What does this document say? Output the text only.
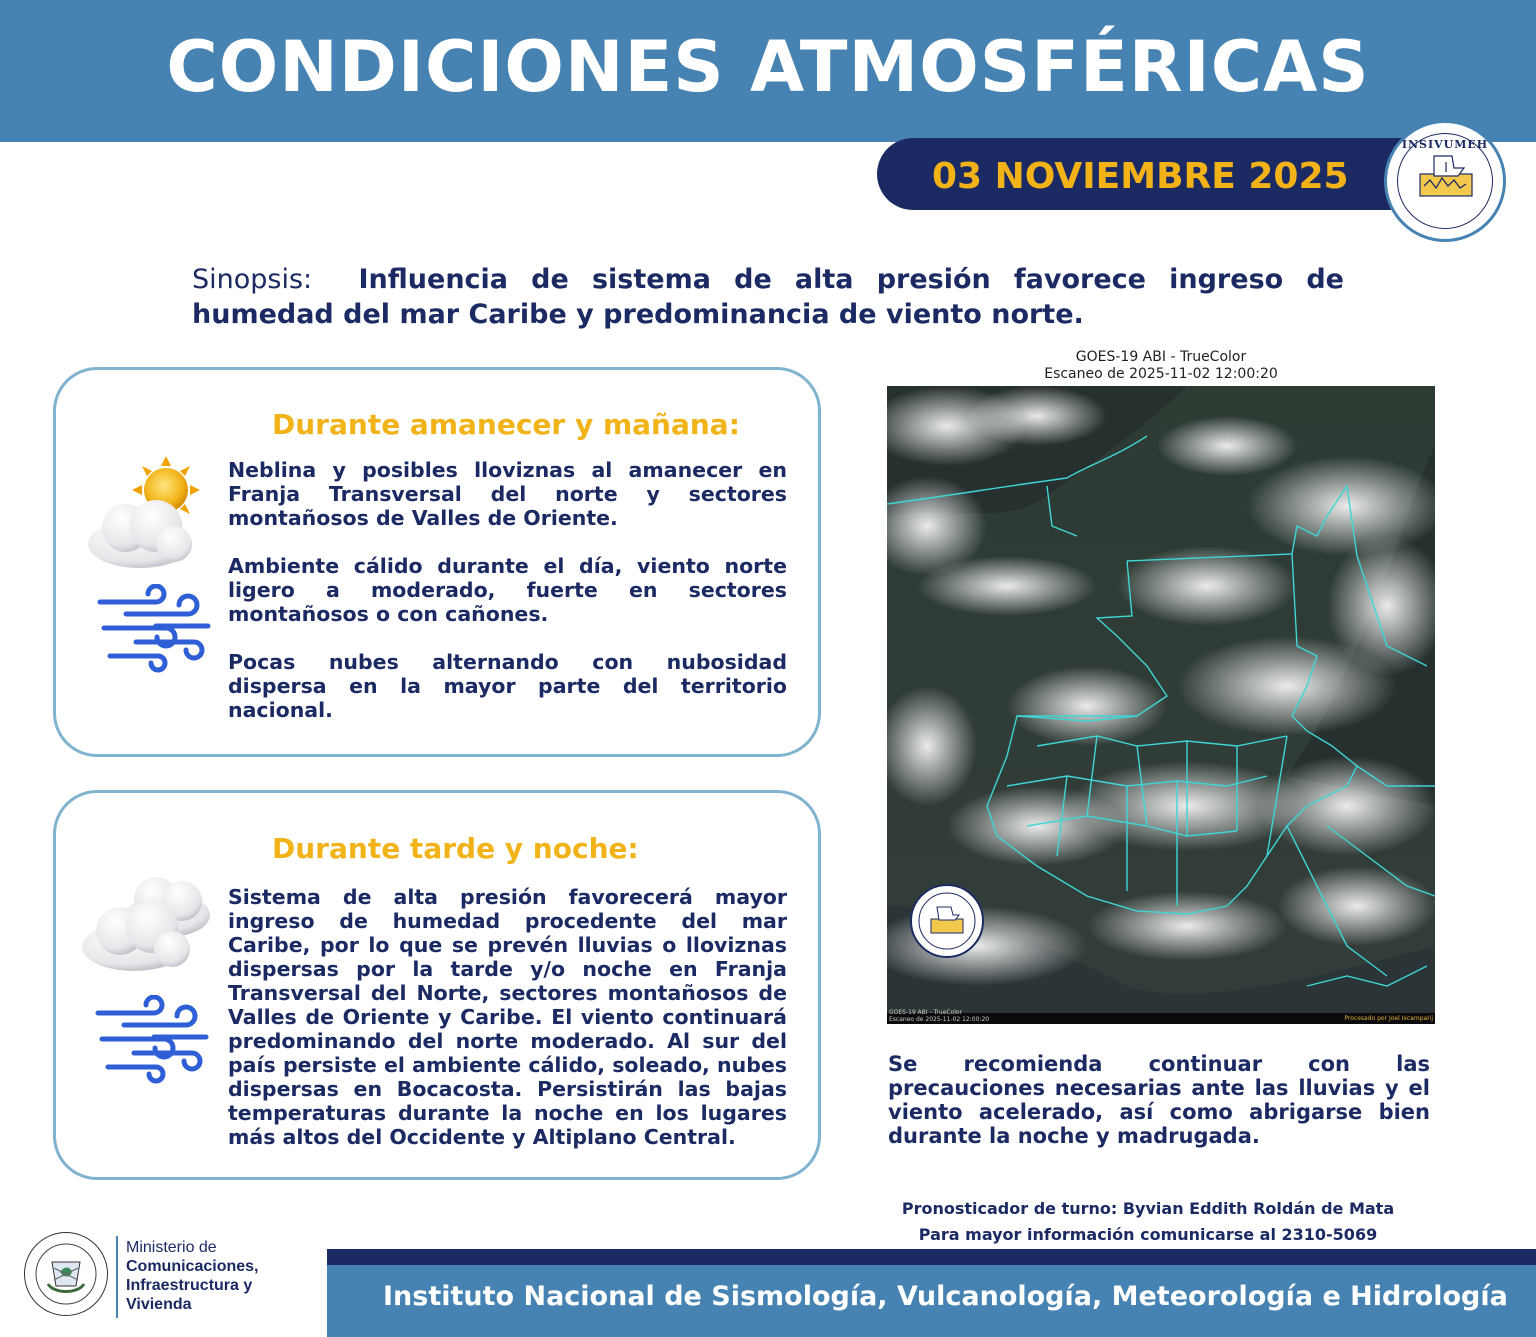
CONDICIONES ATMOSFÉRICAS
03 NOVIEMBRE 2025
INSIVUMEH
Sinopsis: Influencia de sistema de alta presión favorece ingreso de humedad del mar Caribe y predominancia de viento norte.
Durante amanecer y mañana:

Neblina y posibles lloviznas al amanecer en Franja Transversal del norte y sectores montañosos de Valles de Oriente.

Ambiente cálido durante el día, viento norte ligero a moderado, fuerte en sectores montañosos o con cañones.

Pocas nubes alternando con nubosidad dispersa en la mayor parte del territorio nacional.

Durante tarde y noche:

Sistema de alta presión favorecerá mayor ingreso de humedad procedente del mar Caribe, por lo que se prevén lluvias o lloviznas dispersas por la tarde y/o noche en Franja Transversal del Norte, sectores montañosos de Valles de Oriente y Caribe. El viento continuará predominando del norte moderado. Al sur del país persiste el ambiente cálido, soleado, nubes dispersas en Bocacosta. Persistirán las bajas temperaturas durante la noche en los lugares más altos del Occidente y Altiplano Central.

GOES-19 ABI - TrueColor
Escaneo de 2025-11-02 12:00:20
GOES-19 ABI - TrueColor
Escaneo de 2025-11-02 12:00:20	Procesado por Joel Ixcamparij
Se recomienda continuar con las precauciones necesarias ante las lluvias y el viento acelerado, así como abrigarse bien durante la noche y madrugada.
Pronosticador de turno: Byvian Eddith Roldán de Mata
Para mayor información comunicarse al 2310-5069
Instituto Nacional de Sismología, Vulcanología, Meteorología e Hidrología
Ministerio de
Comunicaciones,
Infraestructura y
Vivienda
